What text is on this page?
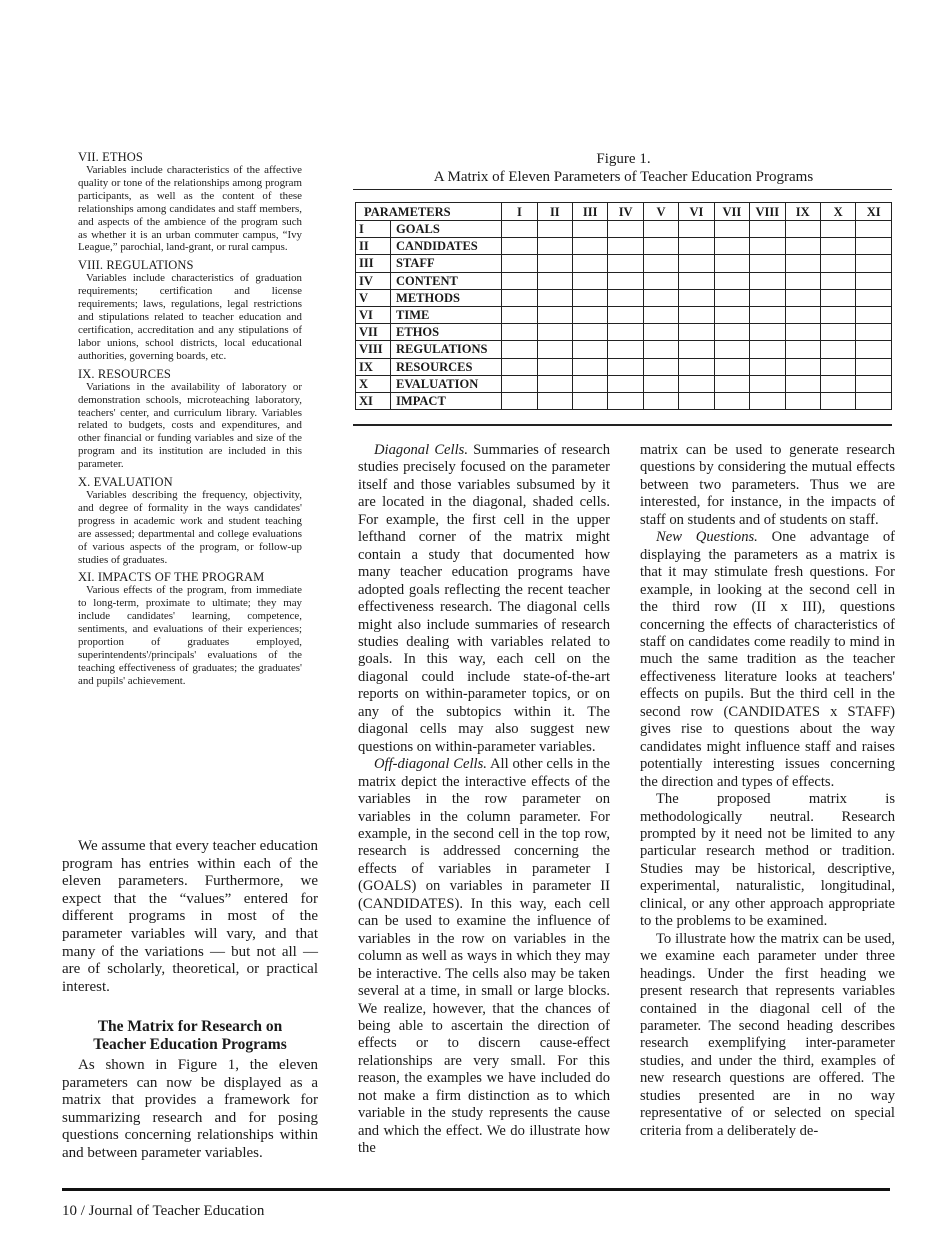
VII. ETHOS
Variables include characteristics of the affective quality or tone of the relationships among program participants, as well as the content of these relationships among candidates and staff members, and aspects of the ambience of the program such as whether it is an urban commuter campus, “Ivy League,” parochial, land-grant, or rural campus.
VIII. REGULATIONS
Variables include characteristics of graduation requirements; certification and license requirements; laws, regulations, legal restrictions and stipulations related to teacher education and certification, accreditation and any stipulations of labor unions, school districts, local educational authorities, governing boards, etc.
IX. RESOURCES
Variations in the availability of laboratory or demonstration schools, microteaching laboratory, teachers' center, and curriculum library. Variables related to budgets, costs and expenditures, and other financial or funding variables and size of the program and its institution are included in this parameter.
X. EVALUATION
Variables describing the frequency, objectivity, and degree of formality in the ways candidates' progress in academic work and student teaching are assessed; departmental and college evaluations of various aspects of the program, or follow-up studies of graduates.
XI. IMPACTS OF THE PROGRAM
Various effects of the program, from immediate to long-term, proximate to ultimate; they may include candidates' learning, competence, sentiments, and evaluations of their experiences; proportion of graduates employed, superintendents'/principals' evaluations of the teaching effectiveness of graduates; the graduates' and pupils' achievement.

We assume that every teacher education program has entries within each of the eleven parameters. Furthermore, we expect that the “values” entered for different programs in most of the parameter variables will vary, and that many of the variations — but not all — are of scholarly, theoretical, or practical interest.

The Matrix for Research on
Teacher Education Programs

As shown in Figure 1, the eleven parameters can now be displayed as a matrix that provides a framework for summarizing research and for posing questions concerning relationships within and between parameter variables.

Figure 1.
A Matrix of Eleven Parameters of Teacher Education Programs
PARAMETERS		I	II	III	IV	V	VI	VII	VIII	IX	X	XI
I	GOALS											
II	CANDIDATES											
III	STAFF											
IV	CONTENT											
V	METHODS											
VI	TIME											
VII	ETHOS											
VIII	REGULATIONS											
IX	RESOURCES											
X	EVALUATION											
XI	IMPACT											

Diagonal Cells. Summaries of research studies precisely focused on the parameter itself and those variables subsumed by it are located in the diagonal, shaded cells. For example, the first cell in the upper lefthand corner of the matrix might contain a study that documented how many teacher education programs have adopted goals reflecting the recent teacher effectiveness research. The diagonal cells might also include summaries of research studies dealing with variables related to goals. In this way, each cell on the diagonal could include state-of-the-art reports on within-parameter topics, or on any of the subtopics within it. The diagonal cells may also suggest new questions on within-parameter variables.

Off-diagonal Cells. All other cells in the matrix depict the interactive effects of the variables in the row parameter on variables in the column parameter. For example, in the second cell in the top row, research is addressed concerning the effects of variables in parameter I (GOALS) on variables in parameter II (CANDIDATES). In this way, each cell can be used to examine the influence of variables in the row on variables in the column as well as ways in which they may be interactive. The cells also may be taken several at a time, in small or large blocks. We realize, however, that the chances of being able to ascertain the direction of effects or to discern cause-effect relationships are very small. For this reason, the examples we have included do not make a firm distinction as to which variable in the study represents the cause and which the effect. We do illustrate how the

matrix can be used to generate research questions by considering the mutual effects between two parameters. Thus we are interested, for instance, in the impacts of staff on students and of students on staff.

New Questions. One advantage of displaying the parameters as a matrix is that it may stimulate fresh questions. For example, in looking at the second cell in the third row (II x III), questions concerning the effects of characteristics of staff on candidates come readily to mind in much the same tradition as the teacher effectiveness literature looks at teachers' effects on pupils. But the third cell in the second row (CANDIDATES x STAFF) gives rise to questions about the way candidates might influence staff and raises potentially interesting issues concerning the direction and types of effects.

The proposed matrix is methodologically neutral. Research prompted by it need not be limited to any particular research method or tradition. Studies may be historical, descriptive, experimental, naturalistic, longitudinal, clinical, or any other approach appropriate to the problems to be examined.

To illustrate how the matrix can be used, we examine each parameter under three headings. Under the first heading we present research that represents variables contained in the diagonal cell of the parameter. The second heading describes research exemplifying inter-parameter studies, and under the third, examples of new research questions are offered. The studies presented are in no way representative of or selected on special criteria from a deliberately de-

10 / Journal of Teacher Education
